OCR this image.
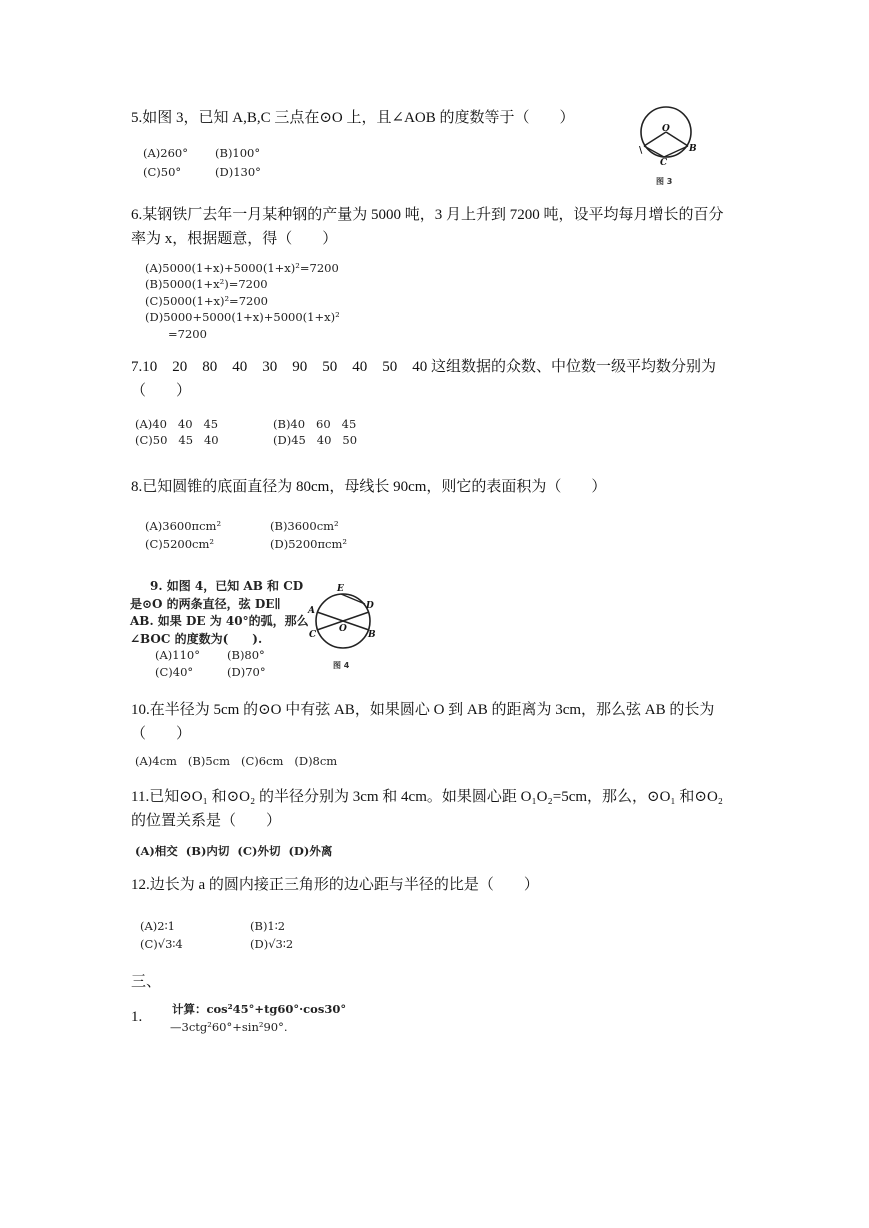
5.如图 3，已知 A,B,C 三点在⊙O 上，且∠AOB 的度数等于（　　）
(A)260° (B)100°
(C)50°	(D)130°
O
B
C
\
图 3
6.某钢铁厂去年一月某种钢的产量为 5000 吨，3 月上升到 7200 吨，设平均每月增长的百分
率为 x，根据题意，得（　　）
(A)5000(1+x)+5000(1+x)²=7200
(B)5000(1+x²)=7200
(C)5000(1+x)²=7200
(D)5000+5000(1+x)+5000(1+x)²
=7200
7.10　20　80　40　30　90　50　40　50　40 这组数据的众数、中位数一级平均数分别为
（　　）
(A)40   40   45	(B)40   60   45
(C)50   45   40	(D)45   40   50
8.已知圆锥的底面直径为 80cm，母线长 90cm，则它的表面积为（　　）
(A)3600πcm²	(B)3600cm²
(C)5200cm²	(D)5200πcm²
9. 如图 4，已知 AB 和 CD
是⊙O 的两条直径，弦 DE∥
AB. 如果 DE 为 40°的弧，那么
∠BOC 的度数为(　　).
(A)110° (B)80°
(C)40°	(D)70°
E
D
A
O
C	B
图 4
10.在半径为 5cm 的⊙O 中有弦 AB，如果圆心 O 到 AB 的距离为 3cm，那么弦 AB 的长为
（　　）
(A)4cm   (B)5cm   (C)6cm   (D)8cm
11.已知⊙O₁ 和⊙O₂ 的半径分别为 3cm 和 4cm。如果圆心距 O₁O₂=5cm，那么，⊙O₁ 和⊙O₂
的位置关系是（　　）
(A)相交  (B)内切  (C)外切  (D)外离
12.边长为 a 的圆内接正三角形的边心距与半径的比是（　　）
(A)2∶1	(B)1∶2
(C)√3∶4	(D)√3∶2
三、
1.	计算：cos²45°+tg60°·cos30°
—3ctg²60°+sin²90°.
